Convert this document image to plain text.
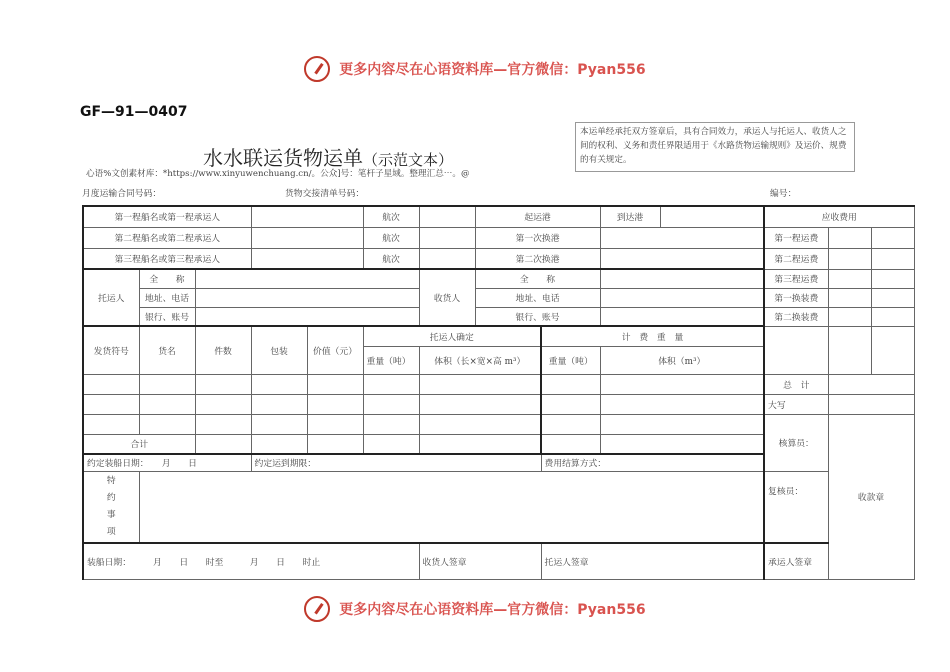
更多内容尽在心语资料库—官方微信：Pyan556
GF—91—0407
水水联运货物运单（示范文本）
本运单经承托双方签章后，具有合同效力，承运人与托运人、收货人之间的权利、义务和责任界限适用于《水路货物运输规则》及运价、规费的有关规定。
心语%文创素材库：*https://www.xinyuwenchuang.cn/。公众]号：笔杆子星域。整理汇总⋯。@
月度运输合同号码：	货物交接清单号码：	编号：
第一程船名或第一程承运人					航次		起运港		到达港		应收费用		
第二程船名或第二程承运人					航次		第一次换港				第一程运费		
第三程船名或第三程承运人					航次		第二次换港				第二程运费		
托运人	全　　称					收货人	全　　称				第三程运费		
	地址、电话						地址、电话				第一换装费		
	银行、账号						银行、账号				第二换装费		
发货符号	货名	件数	包装	价值（元）	托运人确定			计　费　重　量					
					重量（吨）	体积（长×宽×高 m³）		重量（吨）	体积（m³）				
											总　计		
											大写		
											核算员：	收款章	
合计													
约定装船日期：　　月　　日			约定运到期限：					费用结算方式：					
特约事项											复核员：		
装船日期：　　　月　　日　　时至　　　月　　日　　时止						收货人签章		托运人签章			承运人签章		
更多内容尽在心语资料库—官方微信：Pyan556
